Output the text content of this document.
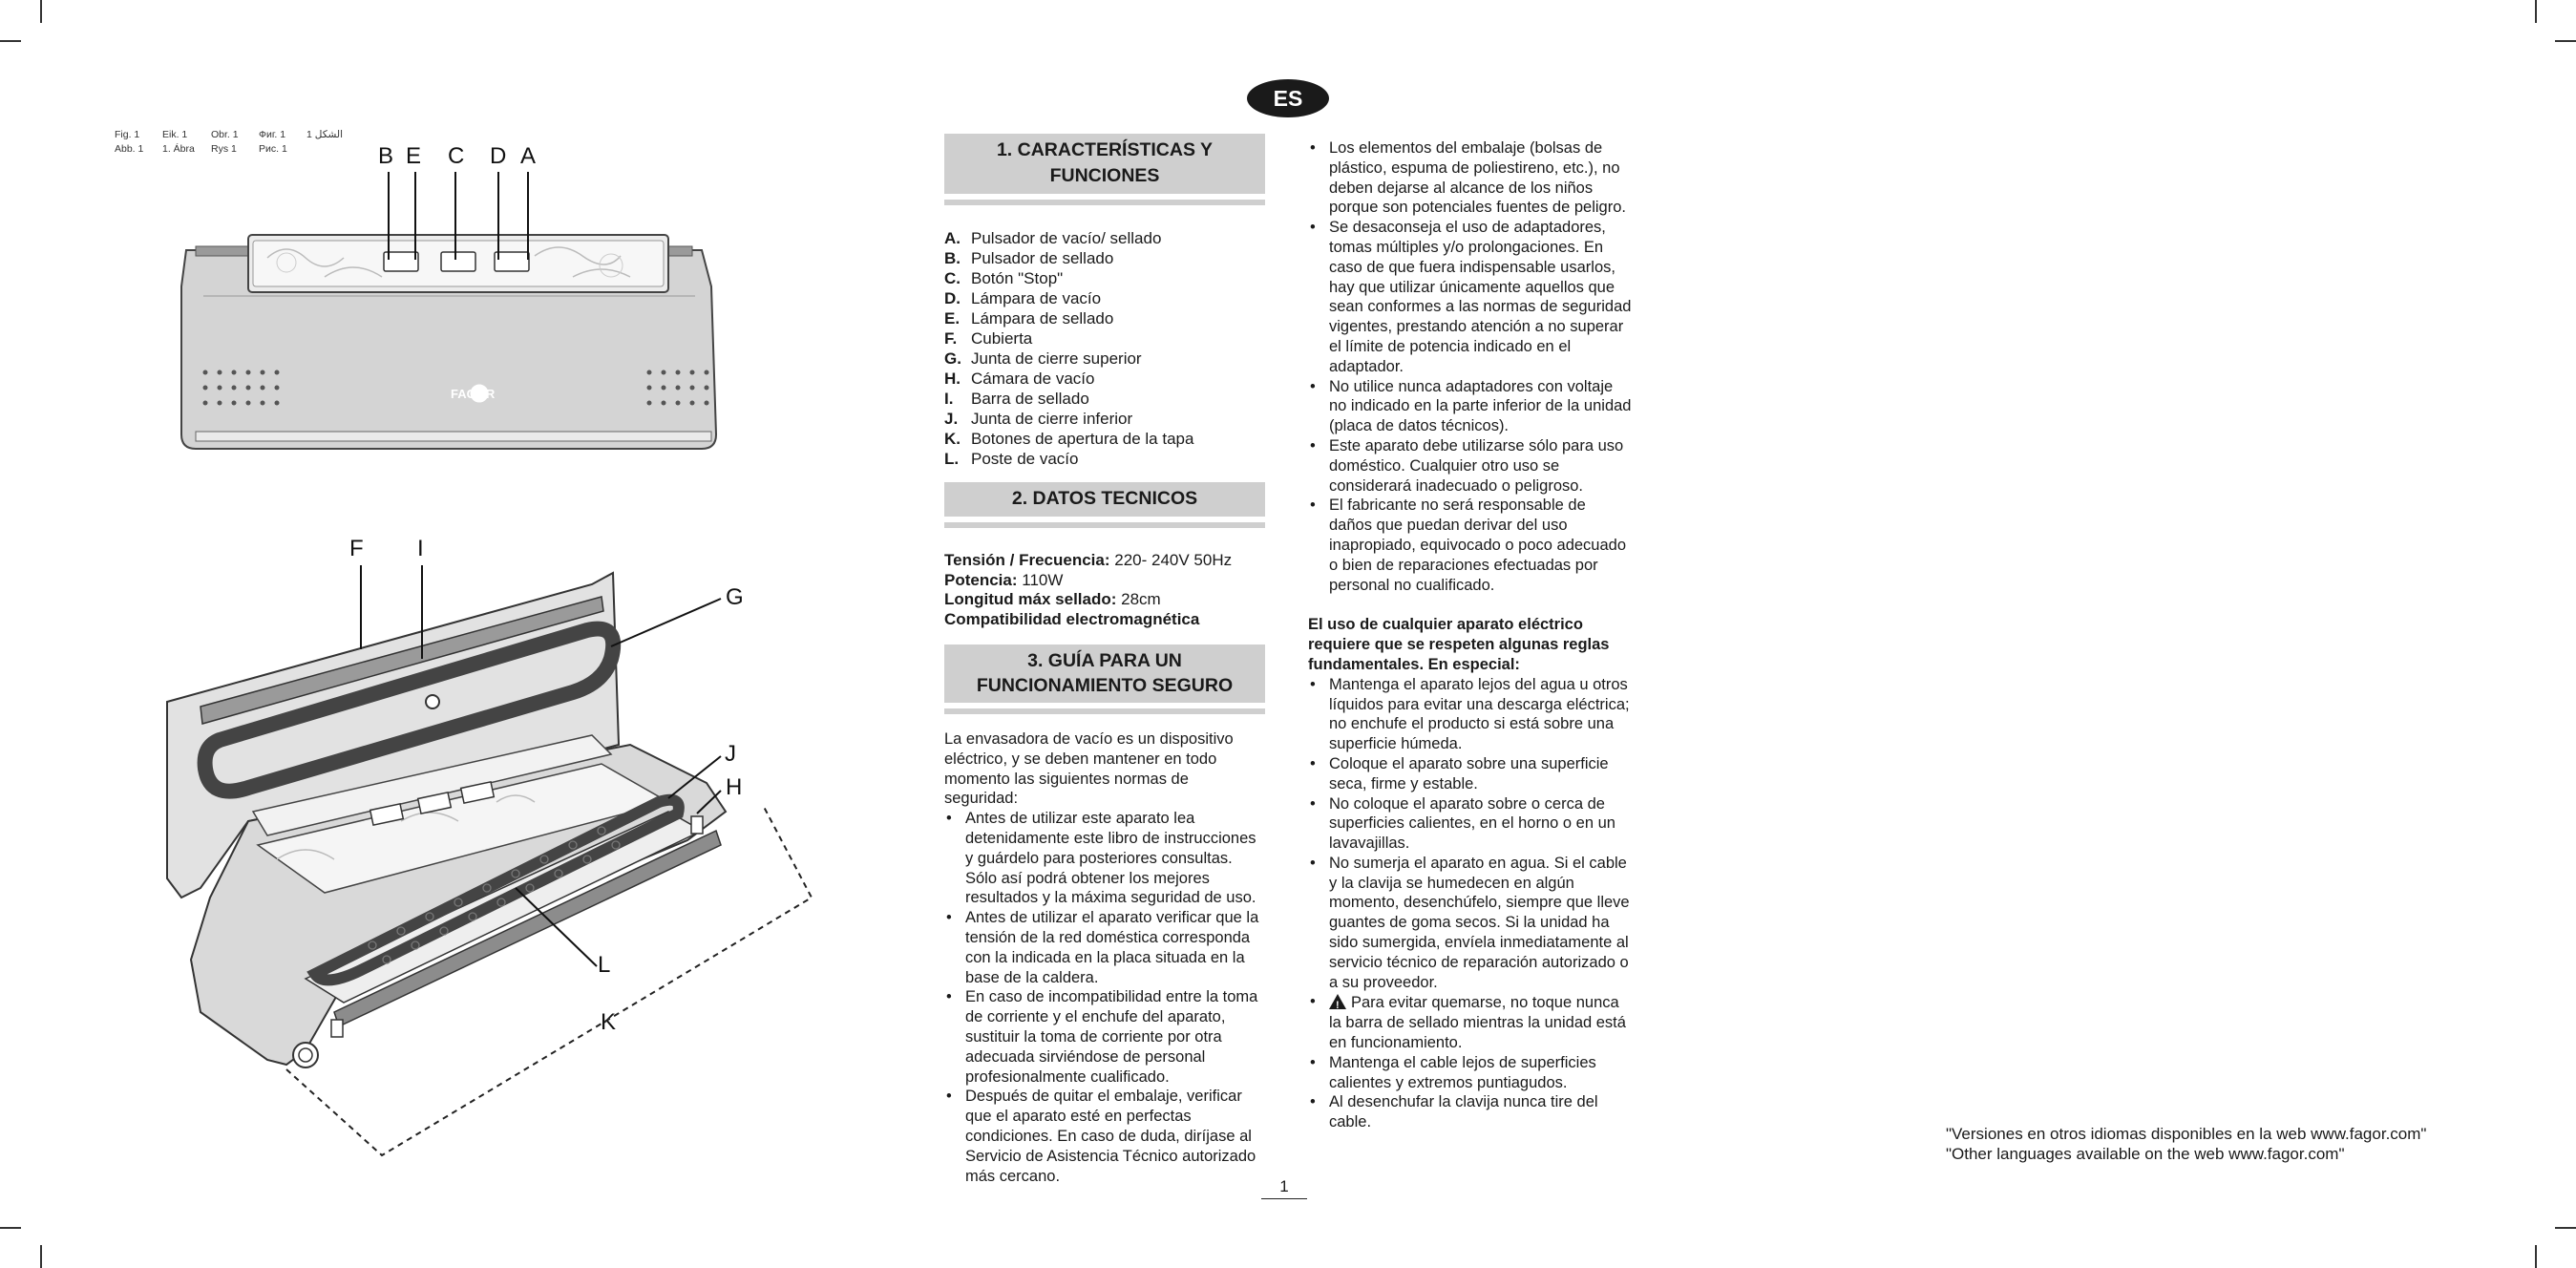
Fig. 1
Abb. 1
Eik. 1
1. Ábra
Obr. 1
Rys 1
Фиг. 1
Рис. 1
الشكل 1
B E C D A
F I
G
J
H
L
K
FAGOR
ES
1. CARACTERÍSTICAS Y FUNCIONES
A. Pulsador de vacío/ sellado
B. Pulsador de sellado
C. Botón "Stop"
D. Lámpara de vacío
E. Lámpara de sellado
F. Cubierta
G. Junta de cierre superior
H. Cámara de vacío
I. Barra de sellado
J. Junta de cierre inferior
K. Botones de apertura de la tapa
L. Poste de vacío
2. DATOS TECNICOS

Tensión / Frecuencia: 220- 240V 50Hz

Potencia: 110W

Longitud máx sellado: 28cm

Compatibilidad electromagnética

3. GUÍA PARA UN
FUNCIONAMIENTO SEGURO

La envasadora de vacío es un dispositivo eléctrico, y se deben mantener en todo momento las siguientes normas de seguridad:

• Antes de utilizar este aparato lea detenidamente este libro de instrucciones y guárdelo para posteriores consultas. Sólo así podrá obtener los mejores resultados y la máxima seguridad de uso.
• Antes de utilizar el aparato verificar que la tensión de la red doméstica corresponda con la indicada en la placa situada en la base de la caldera.
• En caso de incompatibilidad entre la toma de corriente y el enchufe del aparato, sustituir la toma de corriente por otra adecuada sirviéndose de personal profesionalmente cualificado.
• Después de quitar el embalaje, verificar que el aparato esté en perfectas condiciones. En caso de duda, diríjase al Servicio de Asistencia Técnico autorizado más cercano.
• Los elementos del embalaje (bolsas de plástico, espuma de poliestireno, etc.), no deben dejarse al alcance de los niños porque son potenciales fuentes de peligro.
• Se desaconseja el uso de adaptadores, tomas múltiples y/o prolongaciones. En caso de que fuera indispensable usarlos, hay que utilizar únicamente aquellos que sean conformes a las normas de seguridad vigentes, prestando atención a no superar el límite de potencia indicado en el adaptador.
• No utilice nunca adaptadores con voltaje no indicado en la parte inferior de la unidad (placa de datos técnicos).
• Este aparato debe utilizarse sólo para uso doméstico. Cualquier otro uso se considerará inadecuado o peligroso.
• El fabricante no será responsable de daños que puedan derivar del uso inapropiado, equivocado o poco adecuado o bien de reparaciones efectuadas por personal no cualificado.

El uso de cualquier aparato eléctrico requiere que se respeten algunas reglas fundamentales. En especial:

• Mantenga el aparato lejos del agua u otros líquidos para evitar una descarga eléctrica; no enchufe el producto si está sobre una superficie húmeda.
• Coloque el aparato sobre una superficie seca, firme y estable.
• No coloque el aparato sobre o cerca de superficies calientes, en el horno o en un lavavajillas.
• No sumerja el aparato en agua. Si el cable y la clavija se humedecen en algún momento, desenchúfelo, siempre que lleve guantes de goma secos. Si la unidad ha sido sumergida, envíela inmediatamente al servicio técnico de reparación autorizado o a su proveedor.
!• Para evitar quemarse, no toque nunca la barra de sellado mientras la unidad está en funcionamiento.
• Mantenga el cable lejos de superficies calientes y extremos puntiagudos.
• Al desenchufar la clavija nunca tire del cable.
1
"Versiones en otros idiomas disponibles en la web www.fagor.com"
"Other languages available on the web www.fagor.com"
